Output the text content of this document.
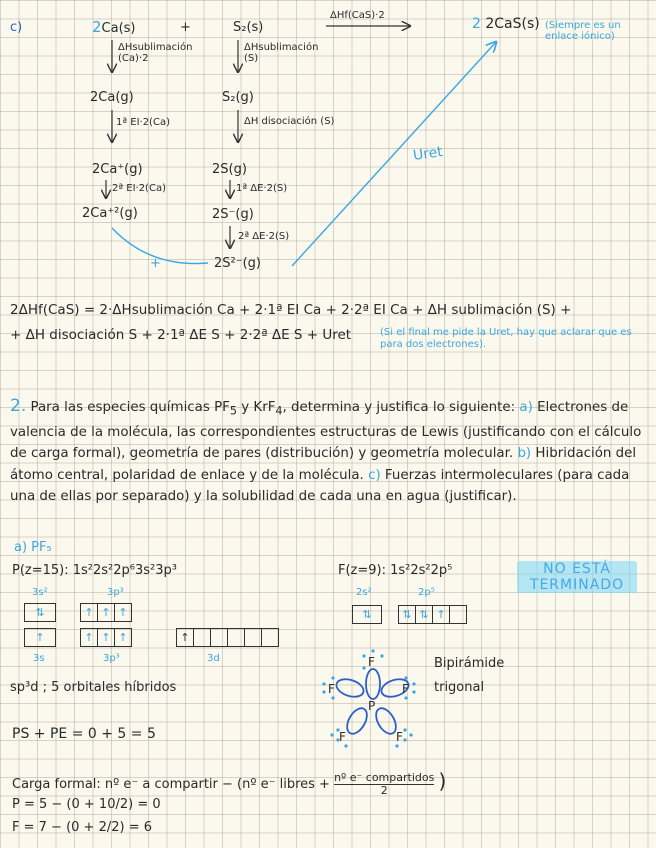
c)	2Ca(s)	+	S₂(s)
ΔHf(CaS)·2
2 2CaS(s) (Siempre es un enlace iónico)
ΔHsublimación (Ca)·2
ΔHsublimación (S)
2Ca(g)	S₂(g)
1ª EI·2(Ca)	ΔH disociación (S)
2Ca⁺(g)	2S(g)
2ª EI·2(Ca)	1ª ΔE·2(S)
2Ca⁺²(g)	2S⁻(g)
2ª ΔE·2(S)
2S²⁻(g)
+
Uret
2ΔHf(CaS) = 2·ΔHsublimación Ca + 2·1ª EI Ca + 2·2ª EI Ca + ΔH sublimación (S) +
+ ΔH disociación S + 2·1ª ΔE S + 2·2ª ΔE S + Uret	(Si el final me pide la Uret, hay que aclarar que es para dos electrones).
2. Para las especies químicas $PF_5$ y KrF$_4$, determina y justifica lo siguiente: a) Electrones de valencia de la molécula, las correspondientes estructuras de Lewis (justificando con el cálculo de carga formal), geometría de pares (distribución) y geometría molecular. b) Hibridación del átomo central, polaridad de enlace y de la molécula. c) Fuerzas intermoleculares (para cada una de ellas por separado) y la solubilidad de cada una en agua (justificar).
a) PF₅
P(z=15): 1s²2s²2p⁶3s²3p³	F(z=9): 1s²2s²2p⁵	NO ESTÁ
TERMINADO
3s²	3p³	2s²	2p⁵
⇅	↑ ↑ ↑	⇅	⇅ ⇅ ↑
↑	↑ ↑ ↑	↑
3s	3p³	3d
sp³d ; 5 orbitales híbridos
Bipirámide
trigonal
P
F
F	F
F	F
PS + PE = 0 + 5 = 5
Carga formal: nº e⁻ a compartir − (nº e⁻ libres + nº e⁻ compartidos
2	)
P = 5 − (0 + 10/2) = 0
F = 7 − (0 + 2/2) = 6
